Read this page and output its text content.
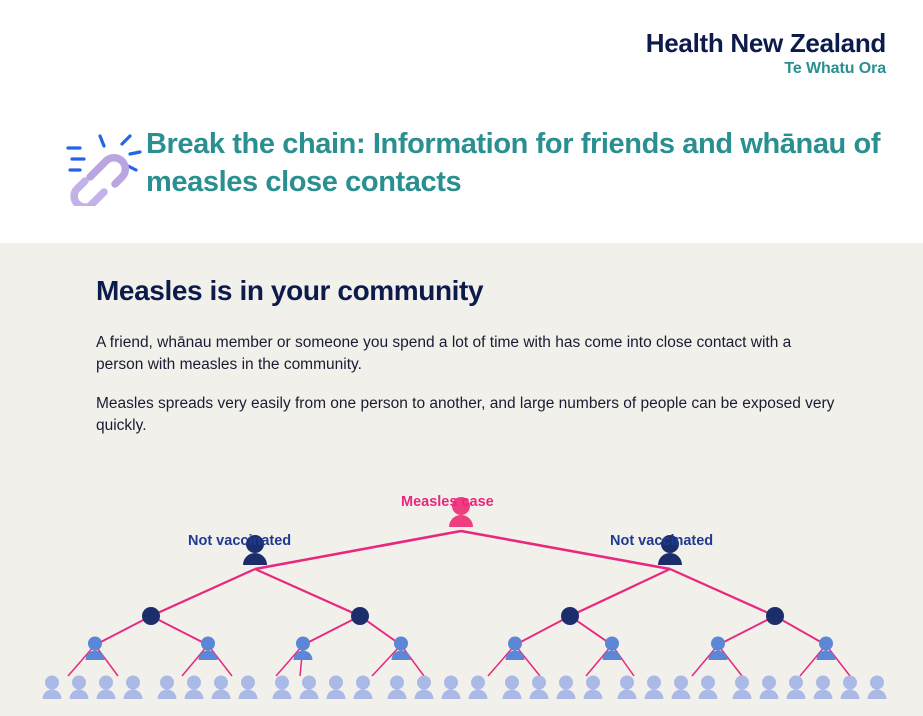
Health New Zealand
Te Whatu Ora
Break the chain: Information for friends and whānau of measles close contacts
Measles is in your community
A friend, whānau member or someone you spend a lot of time with has come into close contact with a person with measles in the community.
Measles spreads very easily from one person to another, and large numbers of people can be exposed very quickly.
Measles case
Not vaccinated	Not vaccinated
